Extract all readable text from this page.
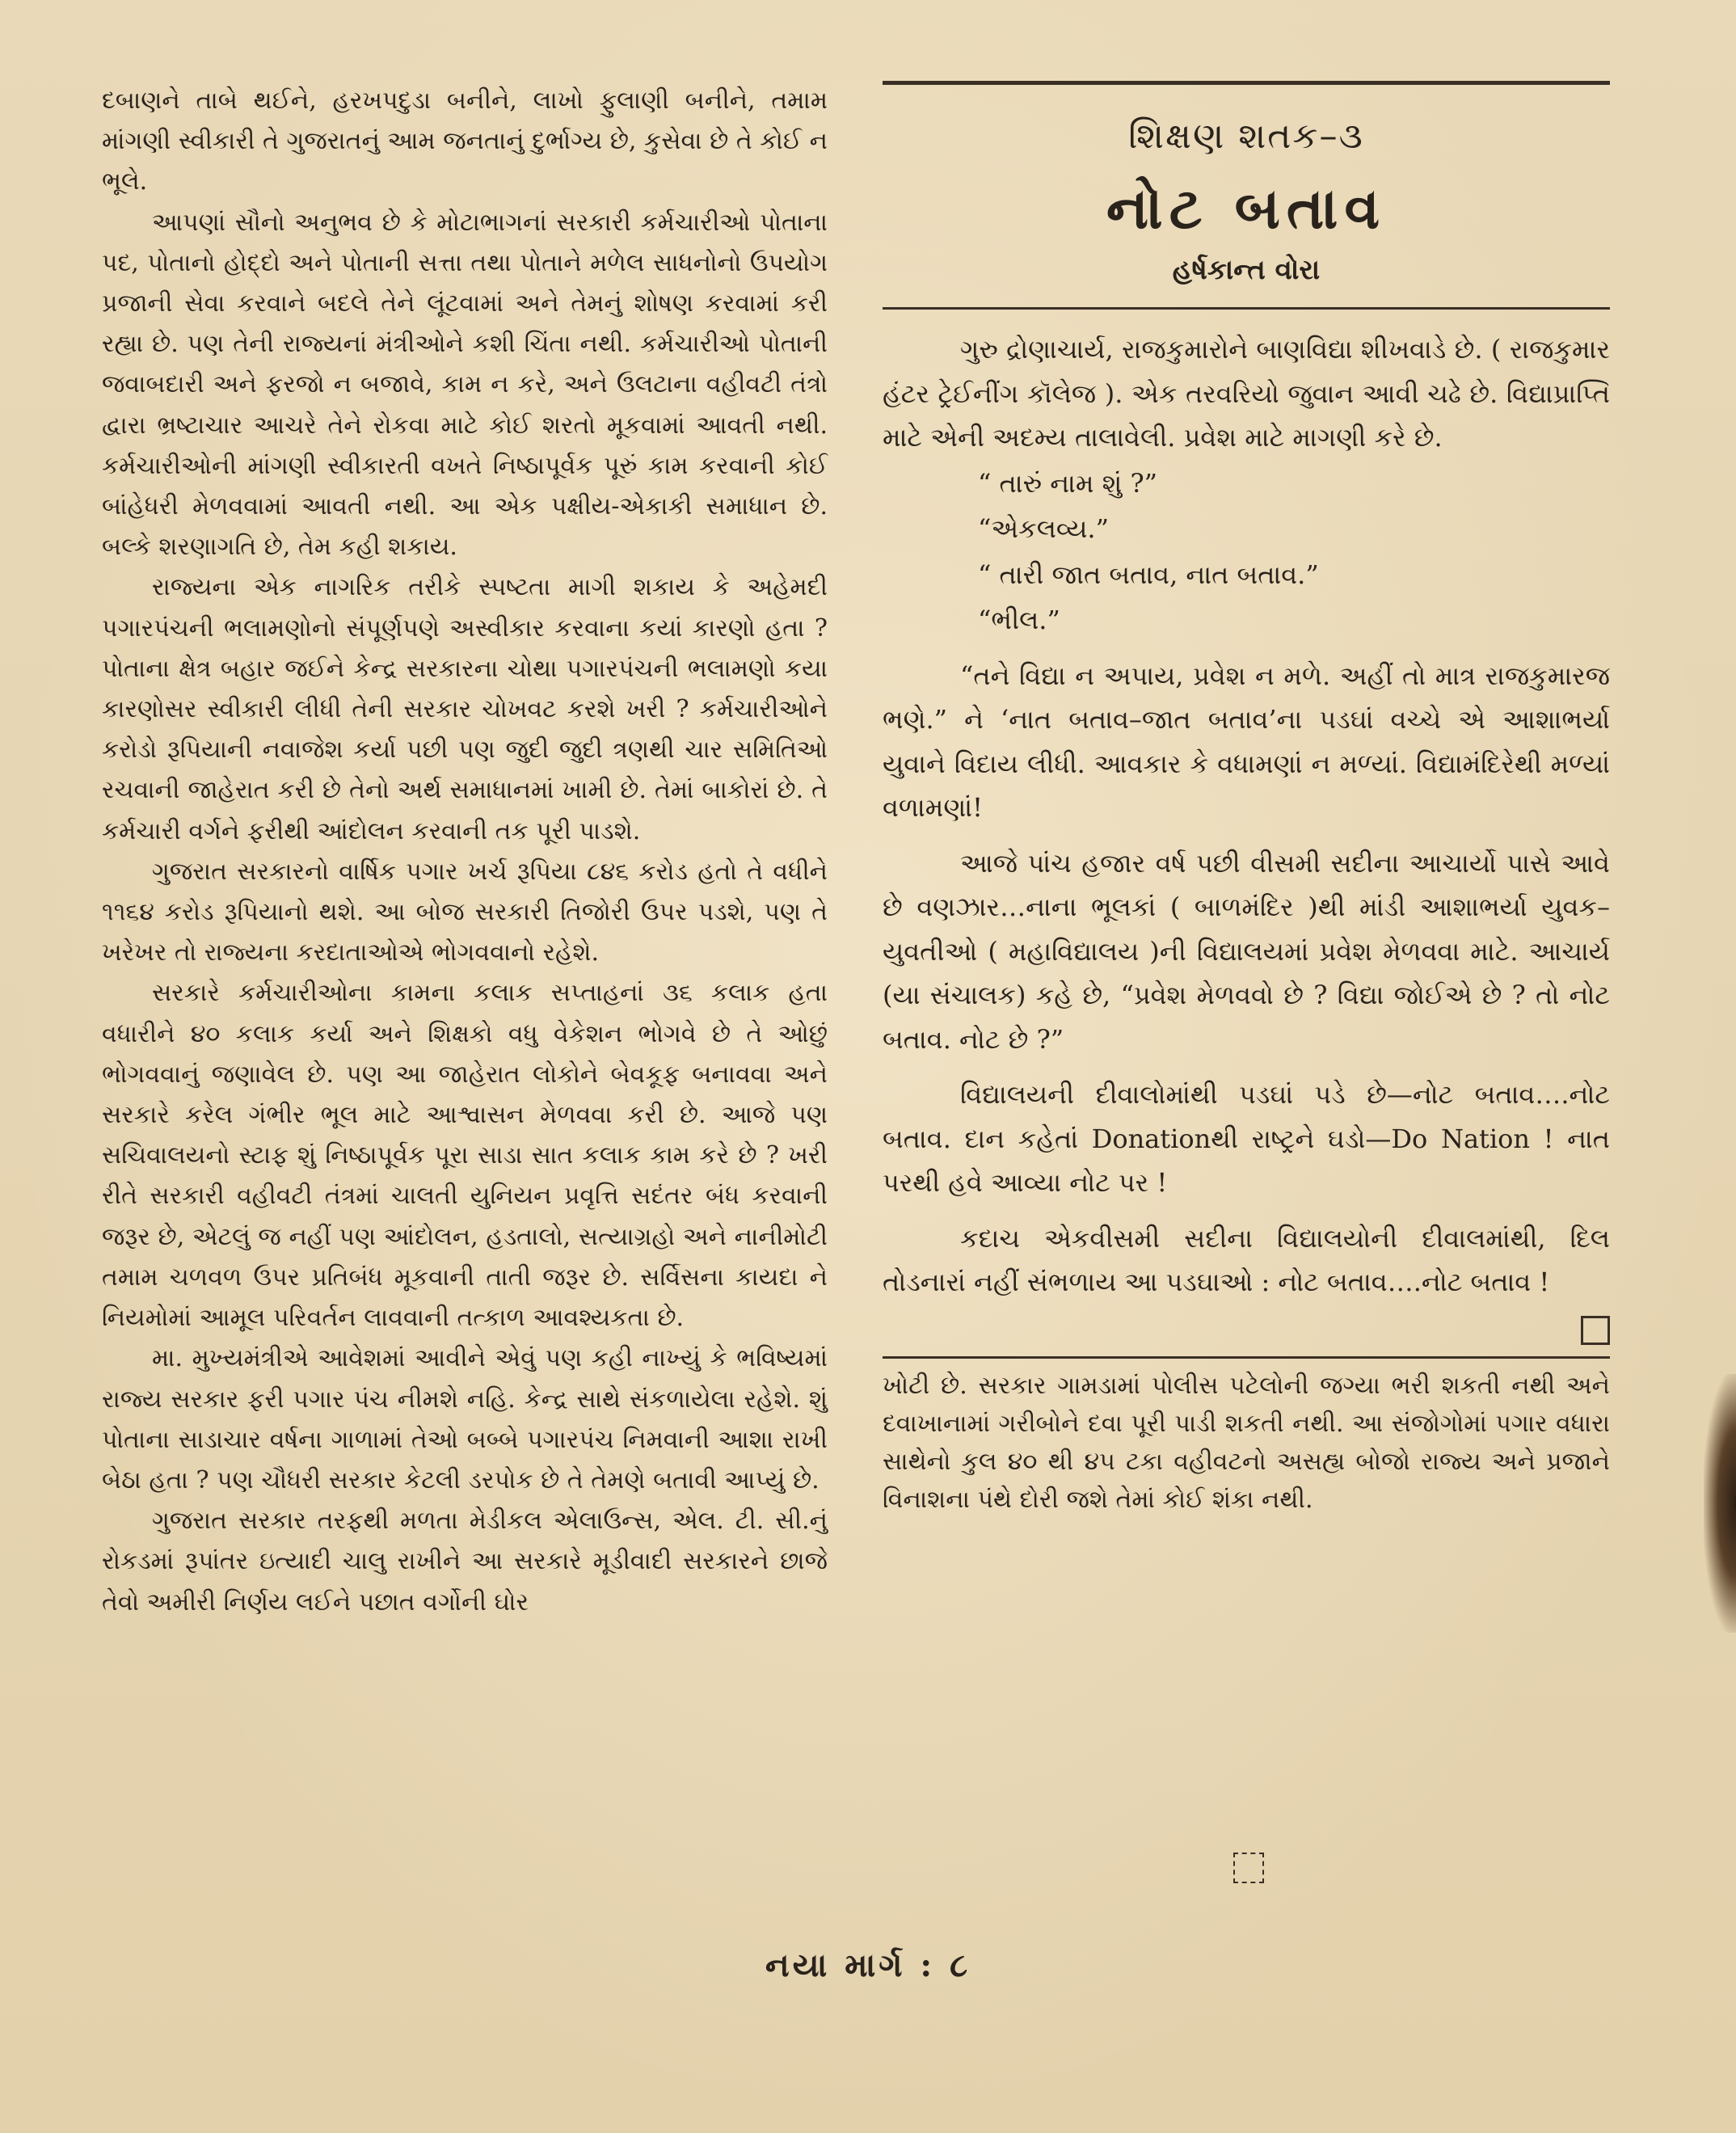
દબાણને તાબે થઈને, હરખપદુડા બનીને, લાખો ફુલાણી બનીને, તમામ માંગણી સ્વીકારી તે ગુજરાતનું આમ જનતાનું દુર્ભાગ્ય છે, કુસેવા છે તે કોઈ ન ભૂલે.

આપણાં સૌનો અનુભવ છે કે મોટાભાગનાં સરકારી કર્મચારીઓ પોતાના પદ, પોતાનો હોદ્દો અને પોતાની સત્તા તથા પોતાને મળેલ સાધનોનો ઉપયોગ પ્રજાની સેવા કરવાને બદલે તેને લૂંટવામાં અને તેમનું શોષણ કરવામાં કરી રહ્યા છે. પણ તેની રાજ્યનાં મંત્રીઓને કશી ચિંતા નથી. કર્મચારીઓ પોતાની જવાબદારી અને ફરજો ન બજાવે, કામ ન કરે, અને ઉલટાના વહીવટી તંત્રો દ્વારા ભ્રષ્ટાચાર આચરે તેને રોકવા માટે કોઈ શરતો મૂકવામાં આવતી નથી. કર્મચારીઓની માંગણી સ્વીકારતી વખતે નિષ્ઠાપૂર્વક પૂરું કામ કરવાની કોઈ બાંહેધરી મેળવવામાં આવતી નથી. આ એક પક્ષીય-એકાકી સમાધાન છે. બલ્કે શરણાગતિ છે, તેમ કહી શકાય.

રાજ્યના એક નાગરિક તરીકે સ્પષ્ટતા માગી શકાય કે અહેમદી પગારપંચની ભલામણોનો સંપૂર્ણપણે અસ્વીકાર કરવાના કયાં કારણો હતા ? પોતાના ક્ષેત્ર બહાર જઈને કેન્દ્ર સરકારના ચોથા પગારપંચની ભલામણો કયા કારણોસર સ્વીકારી લીધી તેની સરકાર ચોખવટ કરશે ખરી ? કર્મચારીઓને કરોડો રૂપિયાની નવાજેશ કર્યા પછી પણ જુદી જુદી ત્રણથી ચાર સમિતિઓ રચવાની જાહેરાત કરી છે તેનો અર્થ સમાધાનમાં ખામી છે. તેમાં બાકોરાં છે. તે કર્મચારી વર્ગને ફરીથી આંદોલન કરવાની તક પૂરી પાડશે.

ગુજરાત સરકારનો વાર્ષિક પગાર ખર્ચ રૂપિયા ૮૪૬ કરોડ હતો તે વધીને ૧૧૬૪ કરોડ રૂપિયાનો થશે. આ બોજ સરકારી તિજોરી ઉપર પડશે, પણ તે ખરેખર તો રાજ્યના કરદાતાઓએ ભોગવવાનો રહેશે.

સરકારે કર્મચારીઓના કામના કલાક સપ્તાહનાં ૩૬ કલાક હતા વધારીને ૪૦ કલાક કર્યા અને શિક્ષકો વધુ વેકેશન ભોગવે છે તે ઓછું ભોગવવાનું જણાવેલ છે. પણ આ જાહેરાત લોકોને બેવકૂફ બનાવવા અને સરકારે કરેલ ગંભીર ભૂલ માટે આશ્વાસન મેળવવા કરી છે. આજે પણ સચિવાલયનો સ્ટાફ શું નિષ્ઠાપૂર્વક પૂરા સાડા સાત કલાક કામ કરે છે ? ખરી રીતે સરકારી વહીવટી તંત્રમાં ચાલતી યુનિયન પ્રવૃત્તિ સદંતર બંધ કરવાની જરૂર છે, એટલું જ નહીં પણ આંદોલન, હડતાલો, સત્યાગ્રહો અને નાનીમોટી તમામ ચળવળ ઉપર પ્રતિબંધ મૂકવાની તાતી જરૂર છે. સર્વિસના કાયદા ને નિયમોમાં આમૂલ પરિવર્તન લાવવાની તત્કાળ આવશ્યકતા છે.

મા. મુખ્યમંત્રીએ આવેશમાં આવીને એવું પણ કહી નાખ્યું કે ભવિષ્યમાં રાજ્ય સરકાર ફરી પગાર પંચ નીમશે નહિ. કેન્દ્ર સાથે સંકળાયેલા રહેશે. શું પોતાના સાડાચાર વર્ષના ગાળામાં તેઓ બબ્બે પગારપંચ નિમવાની આશા રાખી બેઠા હતા ? પણ ચૌધરી સરકાર કેટલી ડરપોક છે તે તેમણે બતાવી આપ્યું છે.

ગુજરાત સરકાર તરફથી મળતા મેડીકલ એલાઉન્સ, એલ. ટી. સી.નું રોકડમાં રૂપાંતર ઇત્યાદી ચાલુ રાખીને આ સરકારે મૂડીવાદી સરકારને છાજે તેવો અમીરી નિર્ણય લઈને પછાત વર્ગોની ઘોર

શિક્ષણ શતક–૩
નોટ બતાવ
હર્ષકાન્ત વોરા

ગુરુ દ્રોણાચાર્ય, રાજકુમારોને બાણવિદ્યા શીખવાડે છે. ( રાજકુમાર હંટર ટ્રેઈનીંગ કૉલેજ ). એક તરવરિયો જુવાન આવી ચઢે છે. વિદ્યાપ્રાપ્તિ માટે એની અદમ્ય તાલાવેલી. પ્રવેશ માટે માગણી કરે છે.

“ તારું નામ શું ?”

“એકલવ્ય.”

“ તારી જાત બતાવ, નાત બતાવ.”

“ભીલ.”

“તને વિદ્યા ન અપાય, પ્રવેશ ન મળે. અહીં તો માત્ર રાજકુમારજ ભણે.” ને ‘નાત બતાવ–જાત બતાવ’ના પડઘાં વચ્ચે એ આશાભર્યા યુવાને વિદાય લીધી. આવકાર કે વધામણાં ન મળ્યાં. વિદ્યામંદિરેથી મળ્યાં વળામણાં!

આજે પાંચ હજાર વર્ષ પછી વીસમી સદીના આચાર્યો પાસે આવે છે વણઝાર…નાના ભૂલકાં ( બાળમંદિર )થી માંડી આશાભર્યા યુવક–યુવતીઓ ( મહાવિદ્યાલય )ની વિદ્યાલયમાં પ્રવેશ મેળવવા માટે. આચાર્ય (યા સંચાલક) કહે છે, “પ્રવેશ મેળવવો છે ? વિદ્યા જોઈએ છે ? તો નોટ બતાવ. નોટ છે ?”

વિદ્યાલયની દીવાલોમાંથી પડઘાં પડે છે—નોટ બતાવ….નોટ બતાવ. દાન કહેતાં Donationથી રાષ્ટ્રને ઘડો—Do Nation ! નાત પરથી હવે આવ્યા નોટ પર !

કદાચ એકવીસમી સદીના વિદ્યાલયોની દીવાલમાંથી, દિલ તોડનારાં નહીં સંભળાય આ પડઘાઓ : નોટ બતાવ….નોટ બતાવ !

ખોટી છે. સરકાર ગામડામાં પોલીસ પટેલોની જગ્યા ભરી શકતી નથી અને દવાખાનામાં ગરીબોને દવા પૂરી પાડી શકતી નથી. આ સંજોગોમાં પગાર વધારા સાથેનો કુલ ૪૦ થી ૪૫ ટકા વહીવટનો અસહ્ય બોજો રાજ્ય અને પ્રજાને વિનાશના પંથે દોરી જશે તેમાં કોઈ શંકા નથી.
નયા માર્ગ : ૮
